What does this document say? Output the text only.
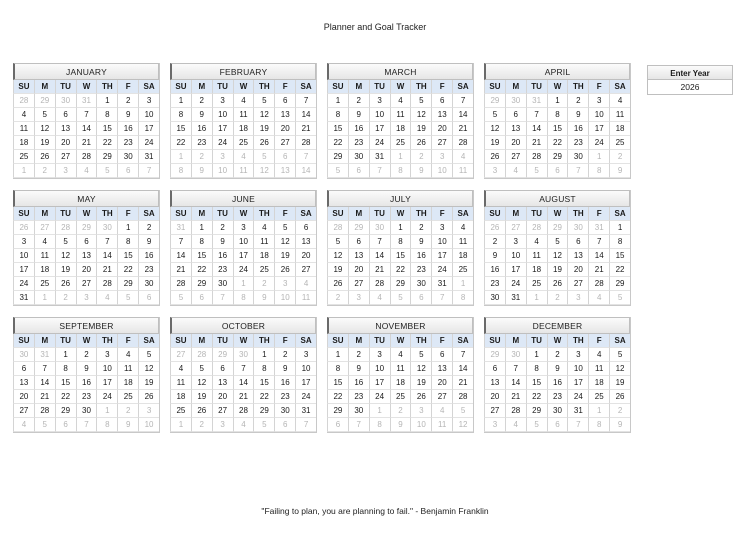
Planner and Goal Tracker
JANUARY
SU	M	TU	W	TH	F	SA
28	29	30	31	1	2	3
4	5	6	7	8	9	10
11	12	13	14	15	16	17
18	19	20	21	22	23	24
25	26	27	28	29	30	31
1	2	3	4	5	6	7
FEBRUARY
SU	M	TU	W	TH	F	SA
1	2	3	4	5	6	7
8	9	10	11	12	13	14
15	16	17	18	19	20	21
22	23	24	25	26	27	28
1	2	3	4	5	6	7
8	9	10	11	12	13	14
MARCH
SU	M	TU	W	TH	F	SA
1	2	3	4	5	6	7
8	9	10	11	12	13	14
15	16	17	18	19	20	21
22	23	24	25	26	27	28
29	30	31	1	2	3	4
5	6	7	8	9	10	11
APRIL
SU	M	TU	W	TH	F	SA
29	30	31	1	2	3	4
5	6	7	8	9	10	11
12	13	14	15	16	17	18
19	20	21	22	23	24	25
26	27	28	29	30	1	2
3	4	5	6	7	8	9
MAY
SU	M	TU	W	TH	F	SA
26	27	28	29	30	1	2
3	4	5	6	7	8	9
10	11	12	13	14	15	16
17	18	19	20	21	22	23
24	25	26	27	28	29	30
31	1	2	3	4	5	6
JUNE
SU	M	TU	W	TH	F	SA
31	1	2	3	4	5	6
7	8	9	10	11	12	13
14	15	16	17	18	19	20
21	22	23	24	25	26	27
28	29	30	1	2	3	4
5	6	7	8	9	10	11
JULY
SU	M	TU	W	TH	F	SA
28	29	30	1	2	3	4
5	6	7	8	9	10	11
12	13	14	15	16	17	18
19	20	21	22	23	24	25
26	27	28	29	30	31	1
2	3	4	5	6	7	8
AUGUST
SU	M	TU	W	TH	F	SA
26	27	28	29	30	31	1
2	3	4	5	6	7	8
9	10	11	12	13	14	15
16	17	18	19	20	21	22
23	24	25	26	27	28	29
30	31	1	2	3	4	5
SEPTEMBER
SU	M	TU	W	TH	F	SA
30	31	1	2	3	4	5
6	7	8	9	10	11	12
13	14	15	16	17	18	19
20	21	22	23	24	25	26
27	28	29	30	1	2	3
4	5	6	7	8	9	10
OCTOBER
SU	M	TU	W	TH	F	SA
27	28	29	30	1	2	3
4	5	6	7	8	9	10
11	12	13	14	15	16	17
18	19	20	21	22	23	24
25	26	27	28	29	30	31
1	2	3	4	5	6	7
NOVEMBER
SU	M	TU	W	TH	F	SA
1	2	3	4	5	6	7
8	9	10	11	12	13	14
15	16	17	18	19	20	21
22	23	24	25	26	27	28
29	30	1	2	3	4	5
6	7	8	9	10	11	12
DECEMBER
SU	M	TU	W	TH	F	SA
29	30	1	2	3	4	5
6	7	8	9	10	11	12
13	14	15	16	17	18	19
20	21	22	23	24	25	26
27	28	29	30	31	1	2
3	4	5	6	7	8	9
Enter Year
2026
"Failing to plan, you are planning to fail." - Benjamin Franklin
